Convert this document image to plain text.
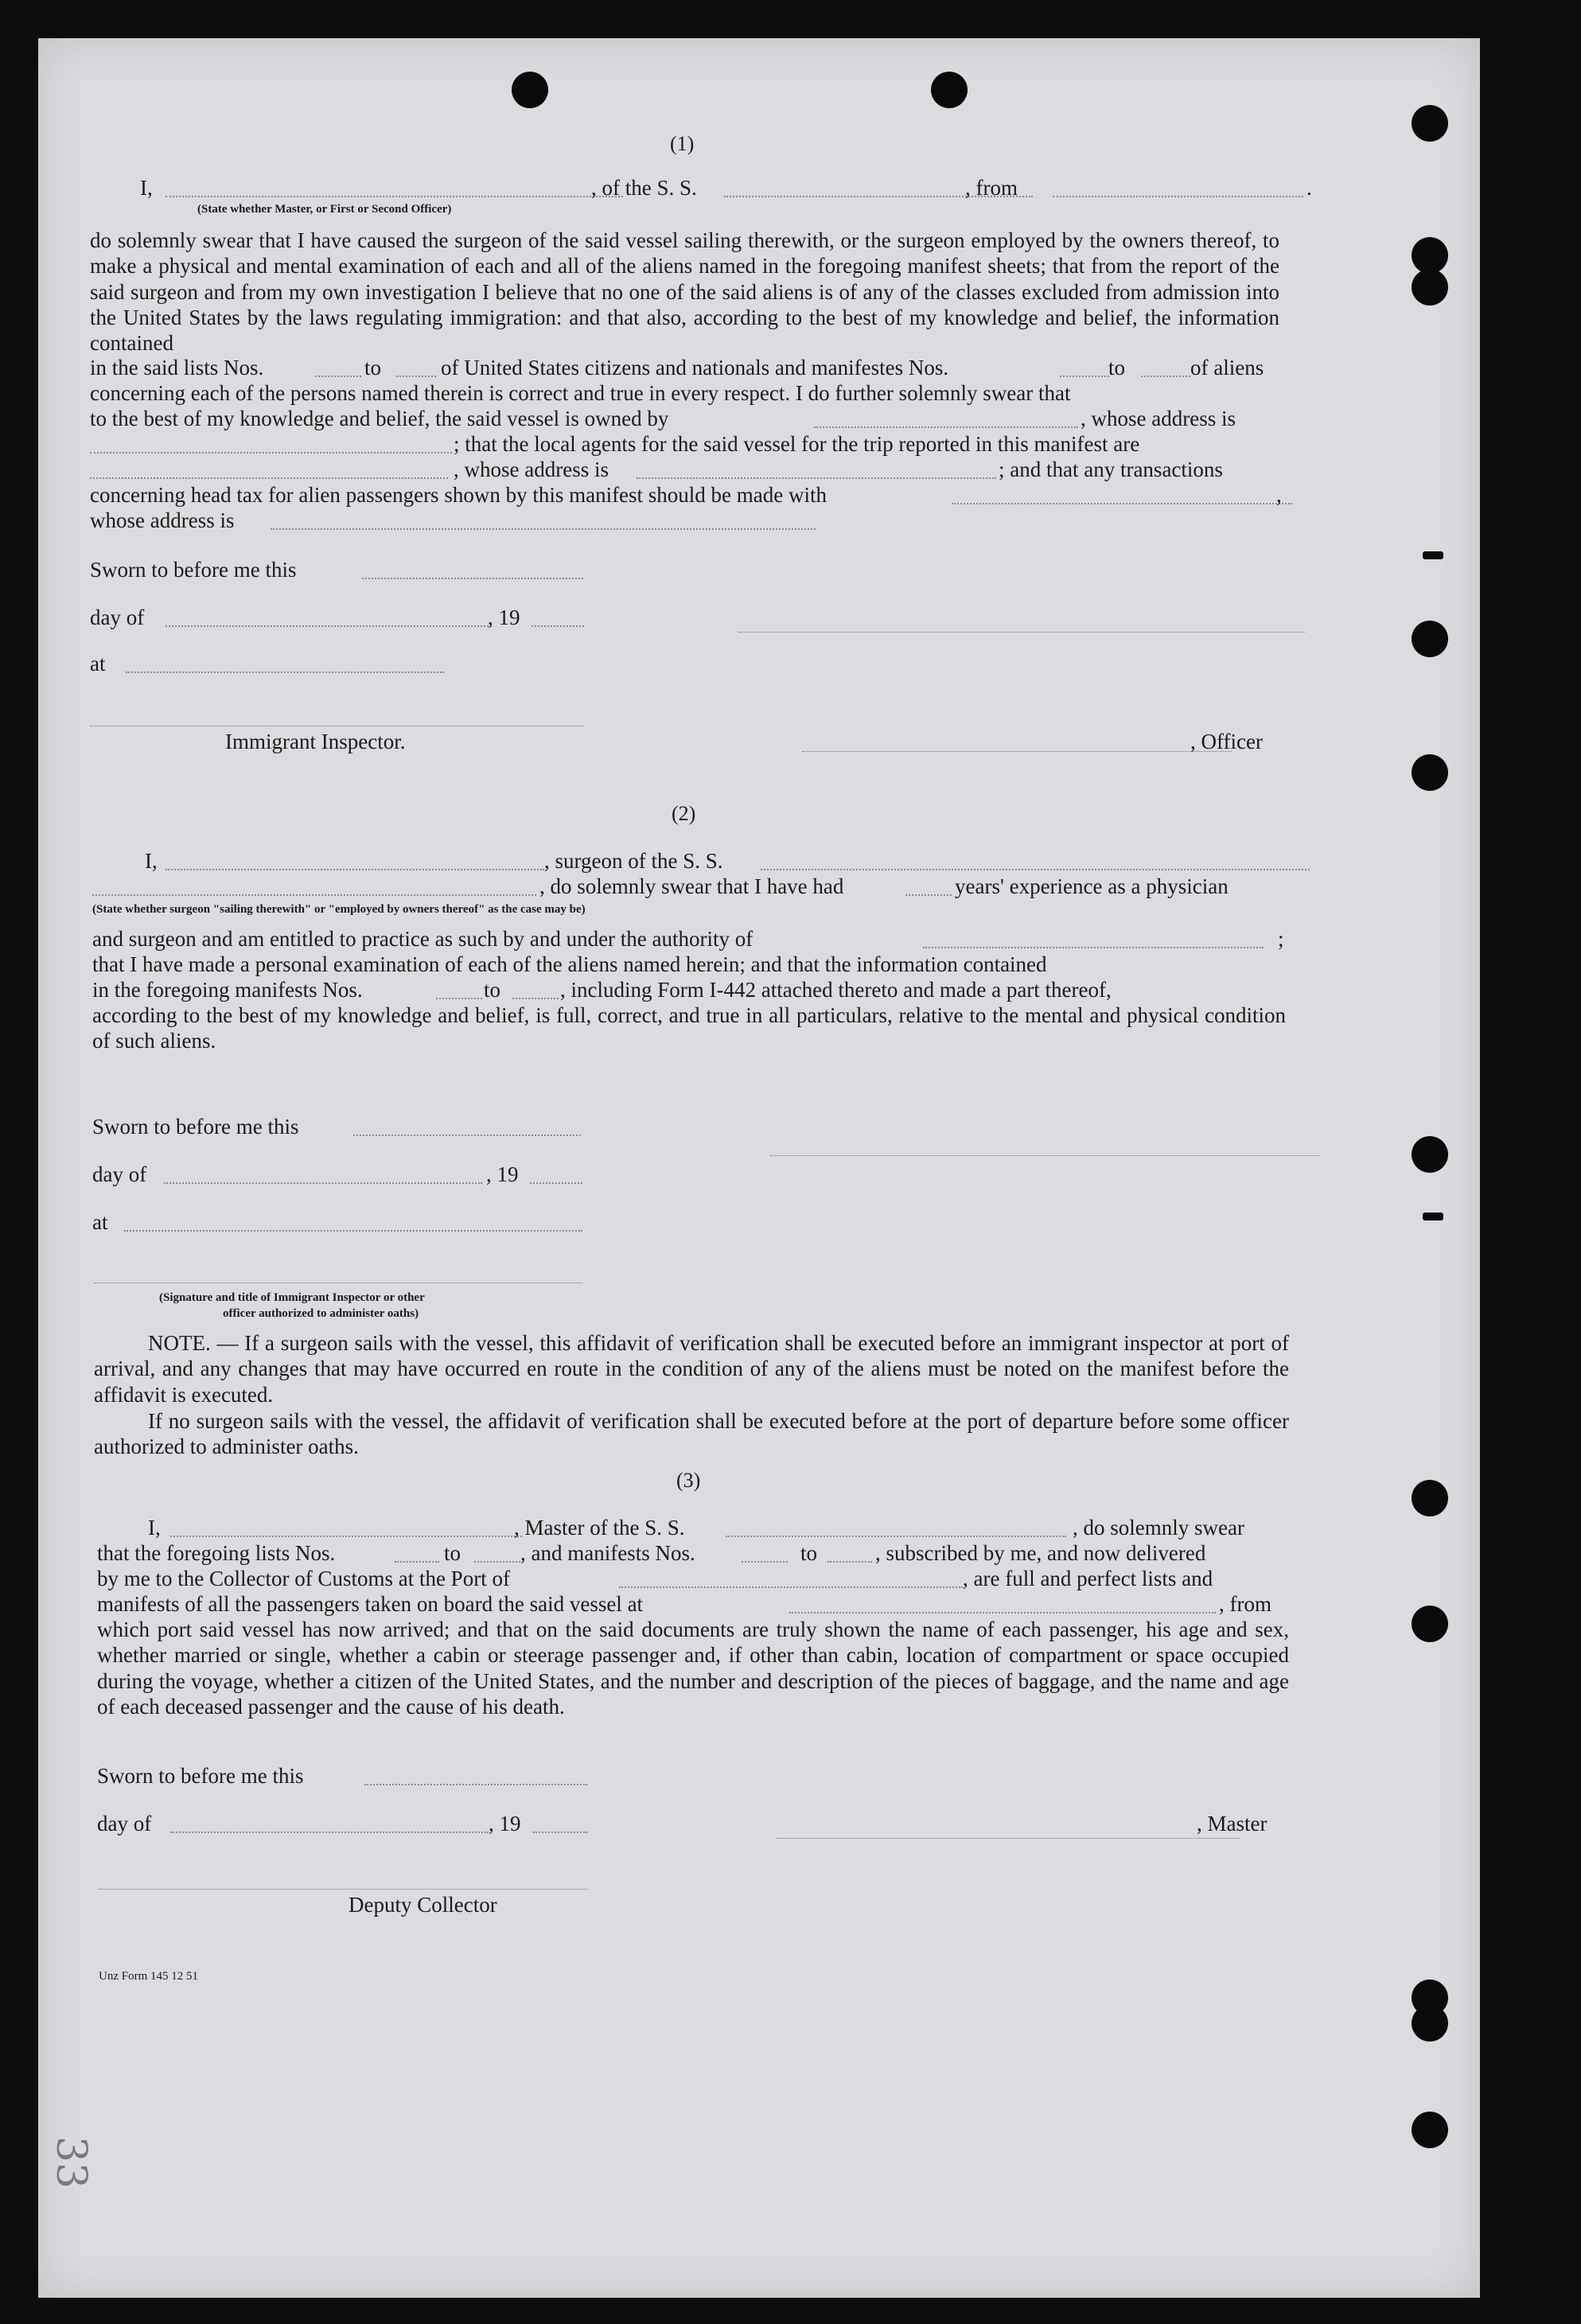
(1)
I,	, of the S. S.	, from	.
(State whether Master, or First or Second Officer)
do solemnly swear that I have caused the surgeon of the said vessel sailing therewith, or the surgeon employed by the owners thereof, to make a physical and mental examination of each and all of the aliens named in the foregoing manifest sheets; that from the report of the said surgeon and from my own investigation I believe that no one of the said aliens is of any of the classes excluded from admission into the United States by the laws regulating immigration: and that also, according to the best of my knowledge and belief, the information contained
in the said lists Nos.	to	of United States citizens and nationals and manifestes Nos.	to	of aliens
concerning each of the persons named therein is correct and true in every respect. I do further solemnly swear that
to the best of my knowledge and belief, the said vessel is owned by	, whose address is
; that the local agents for the said vessel for the trip reported in this manifest are
, whose address is	; and that any transactions
concerning head tax for alien passengers shown by this manifest should be made with	,
whose address is
Sworn to before me this
day of	, 19
at
Immigrant Inspector.	, Officer
(2)
I,	, surgeon of the S. S.
, do solemnly swear that I have had	years' experience as a physician
(State whether surgeon "sailing therewith" or "employed by owners thereof" as the case may be)
and surgeon and am entitled to practice as such by and under the authority of	;
that I have made a personal examination of each of the aliens named herein; and that the information contained
in the foregoing manifests Nos.	to	, including Form I-442 attached thereto and made a part thereof,
according to the best of my knowledge and belief, is full, correct, and true in all particulars, relative to the mental and physical condition of such aliens.
Sworn to before me this
day of	, 19
at
(Signature and title of Immigrant Inspector or other
officer authorized to administer oaths)

NOTE. — If a surgeon sails with the vessel, this affidavit of verification shall be executed before an immigrant inspector at port of arrival, and any changes that may have occurred en route in the condition of any of the aliens must be noted on the manifest before the affidavit is executed.

If no surgeon sails with the vessel, the affidavit of verification shall be executed before at the port of departure before some officer authorized to administer oaths.

(3)
I,	, Master of the S. S.	, do solemnly swear
that the foregoing lists Nos.	to	, and manifests Nos.	to	, subscribed by me, and now delivered
by me to the Collector of Customs at the Port of	, are full and perfect lists and
manifests of all the passengers taken on board the said vessel at	, from
which port said vessel has now arrived; and that on the said documents are truly shown the name of each passenger, his age and sex, whether married or single, whether a cabin or steerage passenger and, if other than cabin, location of compartment or space occupied during the voyage, whether a citizen of the United States, and the number and description of the pieces of baggage, and the name and age of each deceased passenger and the cause of his death.
Sworn to before me this
day of	, 19	, Master
Deputy Collector
Unz Form 145 12 51
33
